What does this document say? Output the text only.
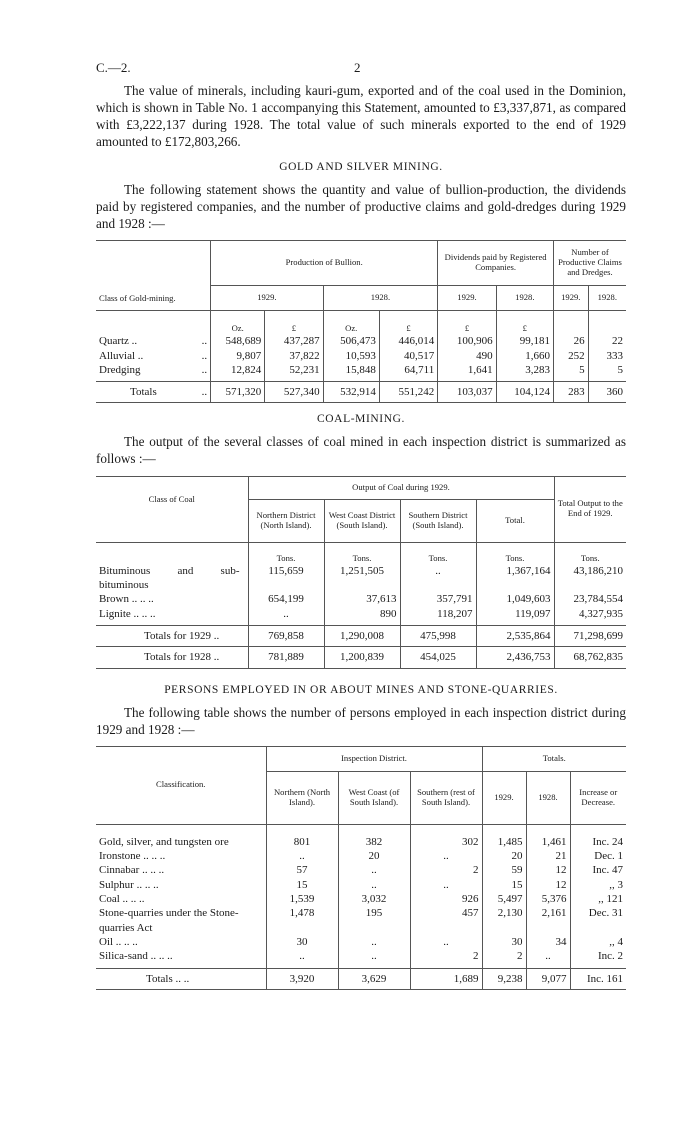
C.—2.	2

The value of minerals, including kauri-gum, exported and of the coal used in the Dominion, which is shown in Table No. 1 accompanying this Statement, amounted to £3,337,871, as compared with £3,222,137 during 1928. The total value of such minerals exported to the end of 1929 amounted to £172,803,266.

GOLD AND SILVER MINING.

The following statement shows the quantity and value of bullion-production, the dividends paid by registered companies, and the number of productive claims and gold-dredges during 1929 and 1928 :—

Class of Gold-mining.	Production of Bullion.				Dividends paid by Registered Companies.		Number of Productive Claims and Dredges.	
	1929.		1928.		1929.	1928.	1929.	1928.
	Oz.	£	Oz.	£	£	£		
Quartz .. ..	548,689	437,287	506,473	446,014	100,906	99,181	26	22
Alluvial .. ..	9,807	37,822	10,593	40,517	490	1,660	252	333
Dredging ..	12,824	52,231	15,848	64,711	1,641	3,283	5	5
Totals ..	571,320	527,340	532,914	551,242	103,037	104,124	283	360
COAL-MINING.

The output of the several classes of coal mined in each inspection district is summarized as follows :—

Class of Coal	Output of Coal during 1929.				Total Output to the End of 1929.
	Northern District (North Island).	West Coast District (South Island).	Southern District (South Island).	Total.	
	Tons.	Tons.	Tons.	Tons.	Tons.
Bituminous and sub-bituminous	115,659	1,251,505	..	1,367,164	43,186,210
Brown .. .. ..	654,199	37,613	357,791	1,049,603	23,784,554
Lignite .. .. ..	..	890	118,207	119,097	4,327,935
Totals for 1929 ..	769,858	1,290,008	475,998	2,535,864	71,298,699
Totals for 1928 ..	781,889	1,200,839	454,025	2,436,753	68,762,835
PERSONS EMPLOYED IN OR ABOUT MINES AND STONE-QUARRIES.

The following table shows the number of persons employed in each inspection district during 1929 and 1928 :—

Classification.	Inspection District.			Totals.		
	Northern (North Island).	West Coast (of South Island).	Southern (rest of South Island).	1929.	1928.	Increase or Decrease.
Gold, silver, and tungsten ore	801	382	302	1,485	1,461	Inc. 24
Ironstone .. .. ..	..	20	..	20	21	Dec. 1
Cinnabar .. .. ..	57	..	2	59	12	Inc. 47
Sulphur .. .. ..	15	..	..	15	12	,, 3
Coal .. .. ..	1,539	3,032	926	5,497	5,376	,, 121
Stone-quarries under the Stone-quarries Act	1,478	195	457	2,130	2,161	Dec. 31
Oil .. .. ..	30	..	..	30	34	,, 4
Silica-sand .. .. ..	..	..	2	2	..	Inc. 2
Totals .. ..	3,920	3,629	1,689	9,238	9,077	Inc. 161
